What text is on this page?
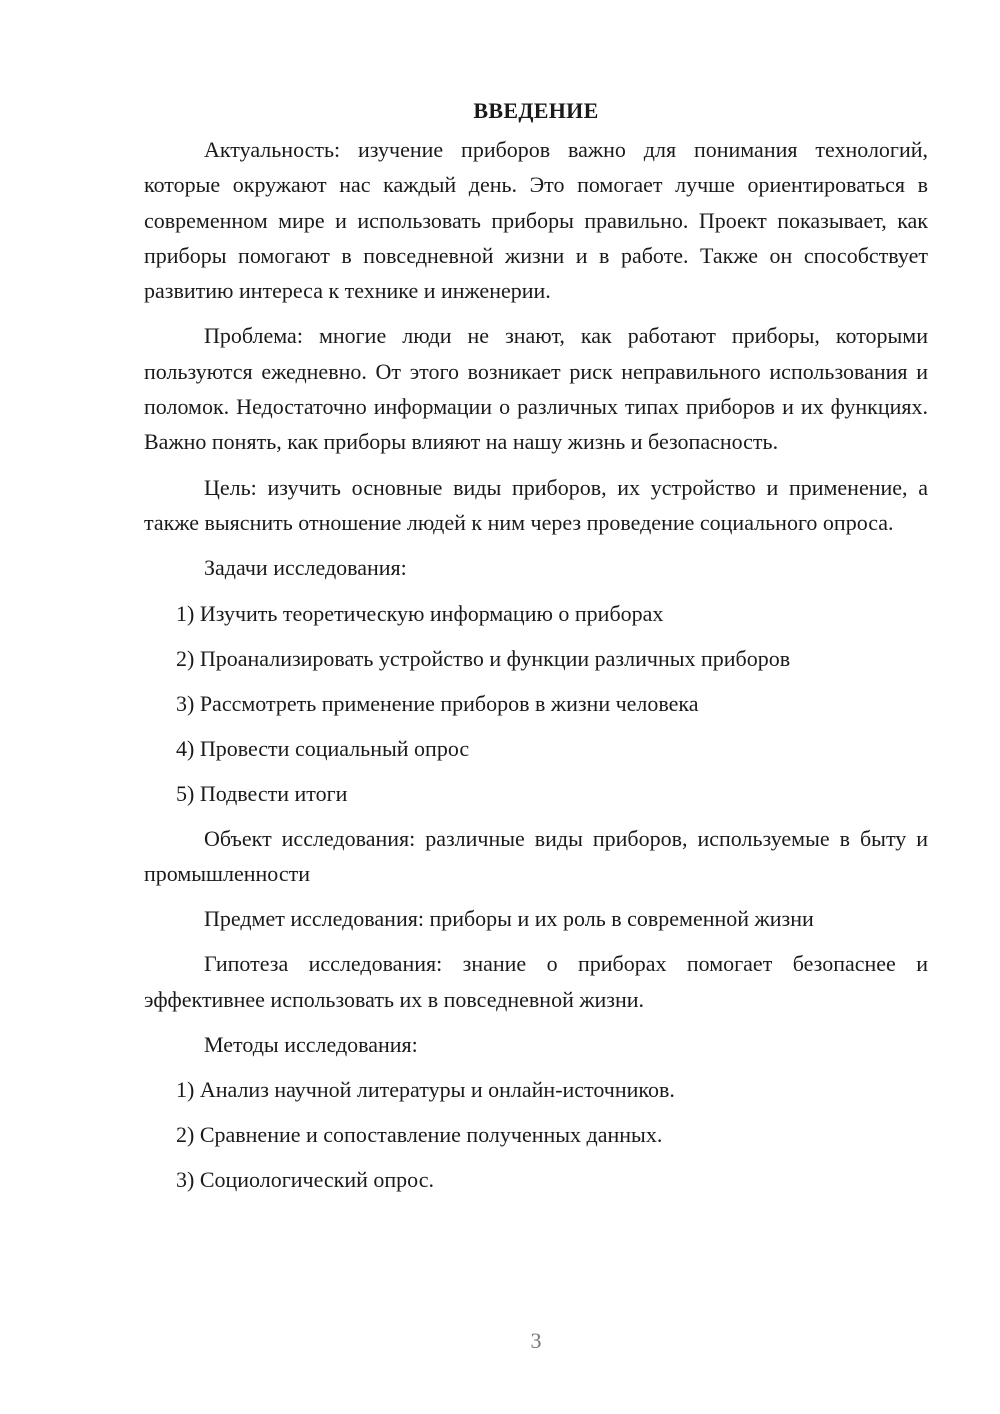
ВВЕДЕНИЕ

Актуальность: изучение приборов важно для понимания технологий, которые окружают нас каждый день. Это помогает лучше ориентироваться в современном мире и использовать приборы правильно. Проект показывает, как приборы помогают в повседневной жизни и в работе. Также он способствует развитию интереса к технике и инженерии.

Проблема: многие люди не знают, как работают приборы, которыми пользуются ежедневно. От этого возникает риск неправильного использования и поломок. Недостаточно информации о различных типах приборов и их функциях. Важно понять, как приборы влияют на нашу жизнь и безопасность.

Цель: изучить основные виды приборов, их устройство и применение, а также выяснить отношение людей к ним через проведение социального опроса.

Задачи исследования:

1) Изучить теоретическую информацию о приборах
2) Проанализировать устройство и функции различных приборов
3) Рассмотреть применение приборов в жизни человека
4) Провести социальный опрос
5) Подвести итоги

Объект исследования: различные виды приборов, используемые в быту и промышленности

Предмет исследования: приборы и их роль в современной жизни

Гипотеза исследования: знание о приборах помогает безопаснее и эффективнее использовать их в повседневной жизни.

Методы исследования:

1) Анализ научной литературы и онлайн-источников.
2) Сравнение и сопоставление полученных данных.
3) Социологический опрос.
3
